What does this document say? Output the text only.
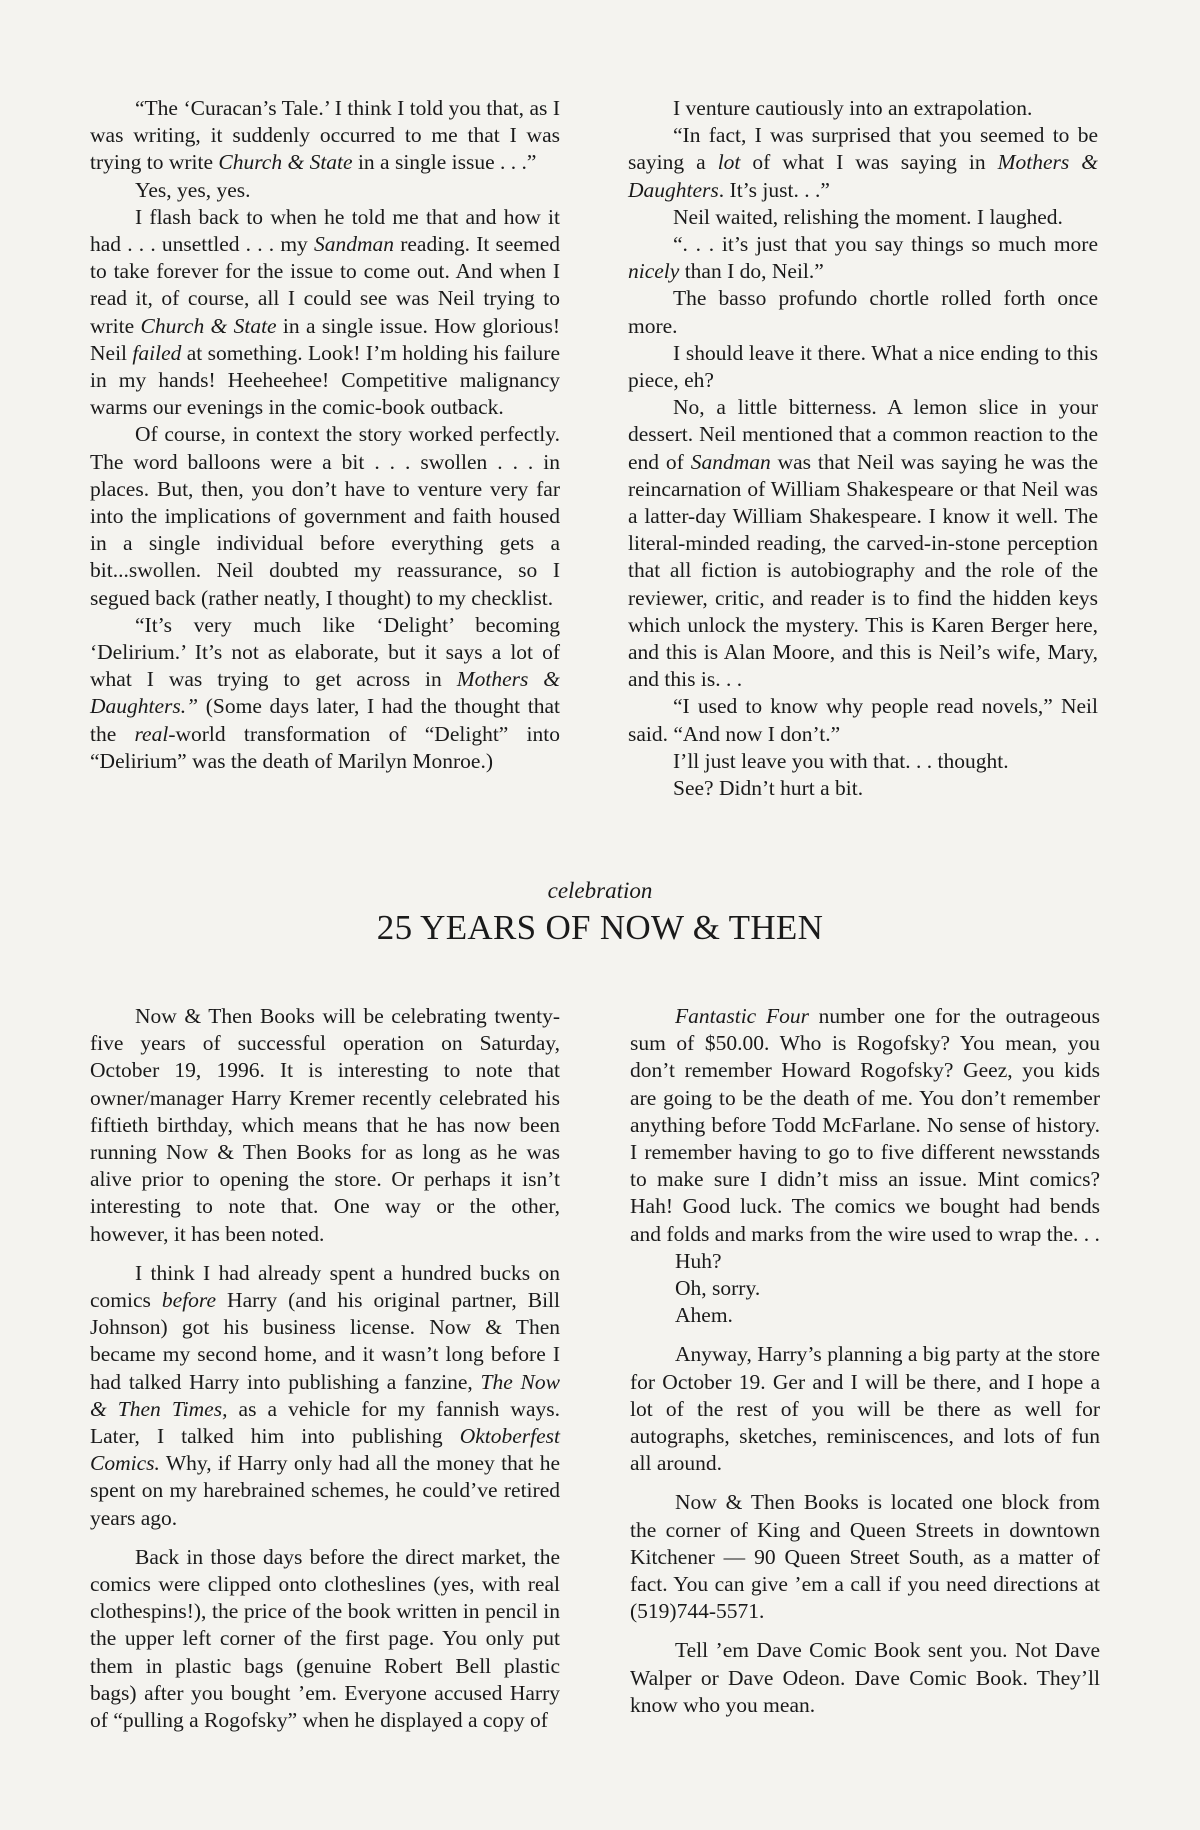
“The ‘Curacan’s Tale.’ I think I told you that, as I was writing, it suddenly occurred to me that I was trying to write Church & State in a single issue . . .”

Yes, yes, yes.

I flash back to when he told me that and how it had . . . unsettled . . . my Sandman reading. It seemed to take forever for the issue to come out. And when I read it, of course, all I could see was Neil trying to write Church & State in a single issue. How glorious! Neil failed at something. Look! I’m holding his failure in my hands! Heeheehee! Competitive malignancy warms our evenings in the comic-book outback.

Of course, in context the story worked perfectly. The word balloons were a bit . . . swollen . . . in places. But, then, you don’t have to venture very far into the implications of government and faith housed in a single individual before everything gets a bit...swollen. Neil doubted my reassurance, so I segued back (rather neatly, I thought) to my checklist.

“It’s very much like ‘Delight’ becoming ‘Delirium.’ It’s not as elaborate, but it says a lot of what I was trying to get across in Mothers & Daughters.” (Some days later, I had the thought that the real-world transformation of “Delight” into “Delirium” was the death of Marilyn Monroe.)

I venture cautiously into an extrapolation.

“In fact, I was surprised that you seemed to be saying a lot of what I was saying in Mothers & Daughters. It’s just. . .”

Neil waited, relishing the moment. I laughed.

“. . . it’s just that you say things so much more nicely than I do, Neil.”

The basso profundo chortle rolled forth once more.

I should leave it there. What a nice ending to this piece, eh?

No, a little bitterness. A lemon slice in your dessert. Neil mentioned that a common reaction to the end of Sandman was that Neil was saying he was the reincarnation of William Shakespeare or that Neil was a latter-day William Shakespeare. I know it well. The literal-minded reading, the carved-in-stone perception that all fiction is autobiography and the role of the reviewer, critic, and reader is to find the hidden keys which unlock the mystery. This is Karen Berger here, and this is Alan Moore, and this is Neil’s wife, Mary, and this is. . .

“I used to know why people read novels,” Neil said. “And now I don’t.”

I’ll just leave you with that. . . thought.

See? Didn’t hurt a bit.

celebration
25 YEARS OF NOW & THEN

Now & Then Books will be celebrating twenty-five years of successful operation on Saturday, October 19, 1996. It is interesting to note that owner/manager Harry Kremer recently celebrated his fiftieth birthday, which means that he has now been running Now & Then Books for as long as he was alive prior to opening the store. Or perhaps it isn’t interesting to note that. One way or the other, however, it has been noted.

I think I had already spent a hundred bucks on comics before Harry (and his original partner, Bill Johnson) got his business license. Now & Then became my second home, and it wasn’t long before I had talked Harry into publishing a fanzine, The Now & Then Times, as a vehicle for my fannish ways. Later, I talked him into publishing Oktoberfest Comics. Why, if Harry only had all the money that he spent on my harebrained schemes, he could’ve retired years ago.

Back in those days before the direct market, the comics were clipped onto clotheslines (yes, with real clothespins!), the price of the book written in pencil in the upper left corner of the first page. You only put them in plastic bags (genuine Robert Bell plastic bags) after you bought ’em. Everyone accused Harry of “pulling a Rogofsky” when he displayed a copy of

Fantastic Four number one for the outrageous sum of $50.00. Who is Rogofsky? You mean, you don’t remember Howard Rogofsky? Geez, you kids are going to be the death of me. You don’t remember anything before Todd McFarlane. No sense of history. I remember having to go to five different newsstands to make sure I didn’t miss an issue. Mint comics? Hah! Good luck. The comics we bought had bends and folds and marks from the wire used to wrap the. . .

Huh?

Oh, sorry.

Ahem.

Anyway, Harry’s planning a big party at the store for October 19. Ger and I will be there, and I hope a lot of the rest of you will be there as well for autographs, sketches, reminiscences, and lots of fun all around.

Now & Then Books is located one block from the corner of King and Queen Streets in downtown Kitchener — 90 Queen Street South, as a matter of fact. You can give ’em a call if you need directions at (519)744-5571.

Tell ’em Dave Comic Book sent you. Not Dave Walper or Dave Odeon. Dave Comic Book. They’ll know who you mean.
